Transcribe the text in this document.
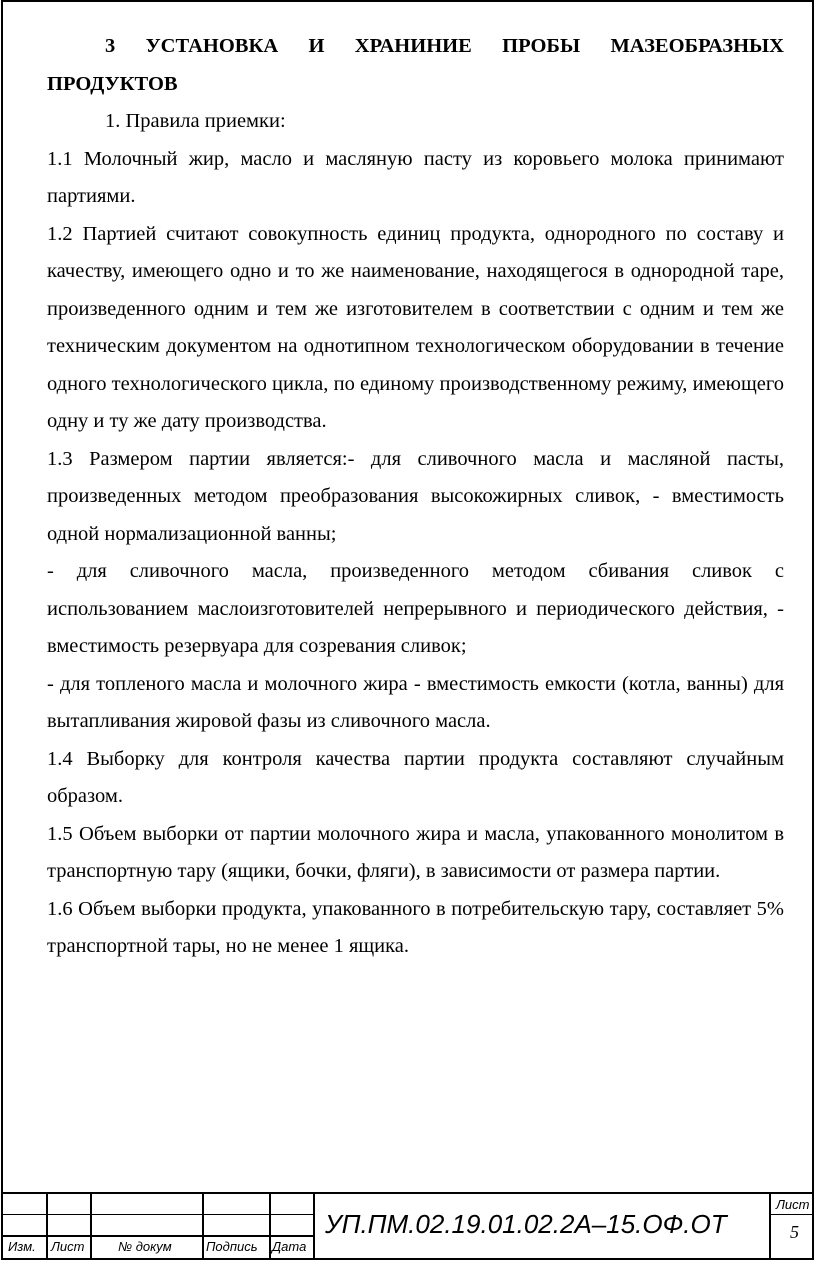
3 УСТАНОВКА И ХРАНИНИЕ ПРОБЫ МАЗЕОБРАЗНЫХ ПРОДУКТОВ

1. Правила приемки:

1.1 Молочный жир, масло и масляную пасту из коровьего молока принимают партиями.

1.2 Партией считают совокупность единиц продукта, однородного по составу и качеству, имеющего одно и то же наименование, находящегося в однородной таре, произведенного одним и тем же изготовителем в соответствии с одним и тем же техническим документом на однотипном технологическом оборудовании в течение одного технологического цикла, по единому производственному режиму, имеющего одну и ту же дату производства.

1.3 Размером партии является:- для сливочного масла и масляной пасты, произведенных методом преобразования высокожирных сливок, - вместимость одной нормализационной ванны;

- для сливочного масла, произведенного методом сбивания сливок с использованием маслоизготовителей непрерывного и периодического действия, - вместимость резервуара для созревания сливок;

- для топленого масла и молочного жира - вместимость емкости (котла, ванны) для вытапливания жировой фазы из сливочного масла.

1.4 Выборку для контроля качества партии продукта составляют случайным образом.

1.5 Объем выборки от партии молочного жира и масла, упакованного монолитом в транспортную тару (ящики, бочки, фляги), в зависимости от размера партии.

1.6 Объем выборки продукта, упакованного в потребительскую тару, составляет 5% транспортной тары, но не менее 1 ящика.

Изм. Лист	№ докум	Подпись Дата
УП.ПМ.02.19.01.02.2А–15.ОФ.ОТ
Лист
5
